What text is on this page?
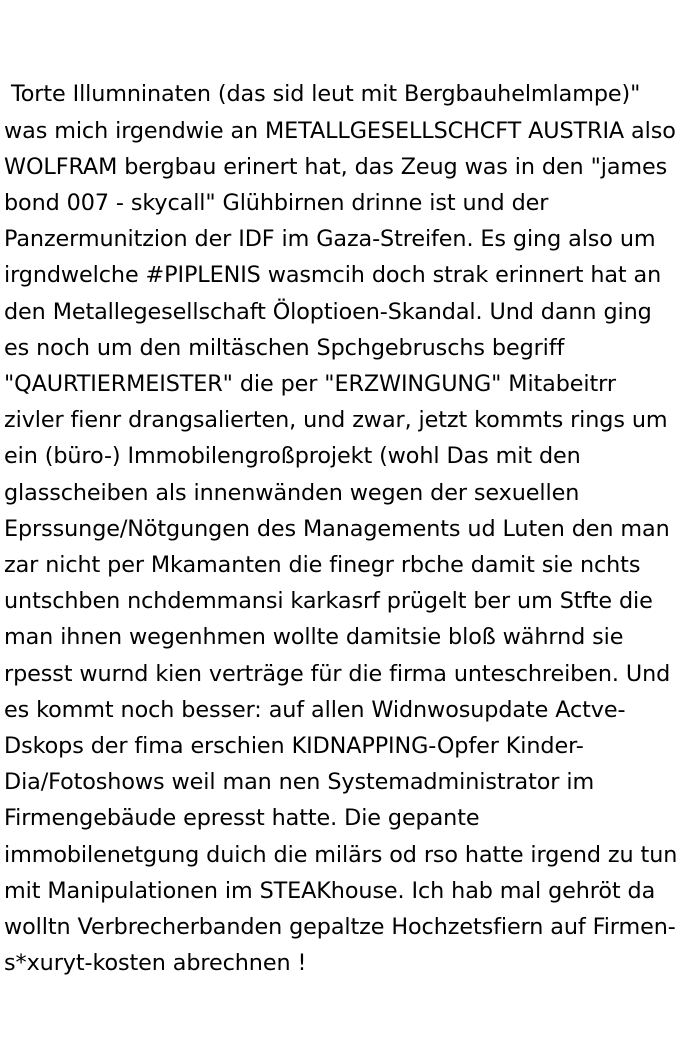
Torte Illumninaten (das sid leut mit Bergbauhelmlampe)" was mich irgendwie an METALLGESELLSCHCFT AUSTRIA also WOLFRAM bergbau erinert hat, das Zeug was in den "james bond 007 - skycall" Glühbirnen drinne ist und der Panzermunitzion der IDF im Gaza-Streifen. Es ging also um irgndwelche #PIPLENIS wasmcih doch strak erinnert hat an den Metallegesellschaft Öloptioen-Skandal. Und dann ging es noch um den miltäschen Spchgebruschs begriff "QAURTIERMEISTER" die per "ERZWINGUNG" Mitabeitrr zivler fienr drangsalierten, und zwar, jetzt kommts rings um ein (büro-) Immobilengroßprojekt (wohl Das mit den glasscheiben als innenwänden wegen der sexuellen Eprssunge/Nötgungen des Managements ud Luten den man zar nicht per Mkamanten die finegr rbche damit sie nchts untschben nchdemmansi karkasrf prügelt ber um Stfte die man ihnen wegenhmen wollte damitsie bloß währnd sie rpesst wurnd kien verträge für die firma unteschreiben. Und es kommt noch besser: auf allen Widnwosupdate Actve-Dskops der fima erschien KIDNAPPING-Opfer Kinder-Dia/Fotoshows weil man nen Systemadministrator im Firmengebäude epresst hatte. Die gepante immobilenetgung duich die milärs od rso hatte irgend zu tun mit Manipulationen im STEAKhouse. Ich hab mal gehröt da wolltn Verbrecherbanden gepaltze Hochzetsfiern auf Firmen-s*xuryt-kosten abrechnen !
